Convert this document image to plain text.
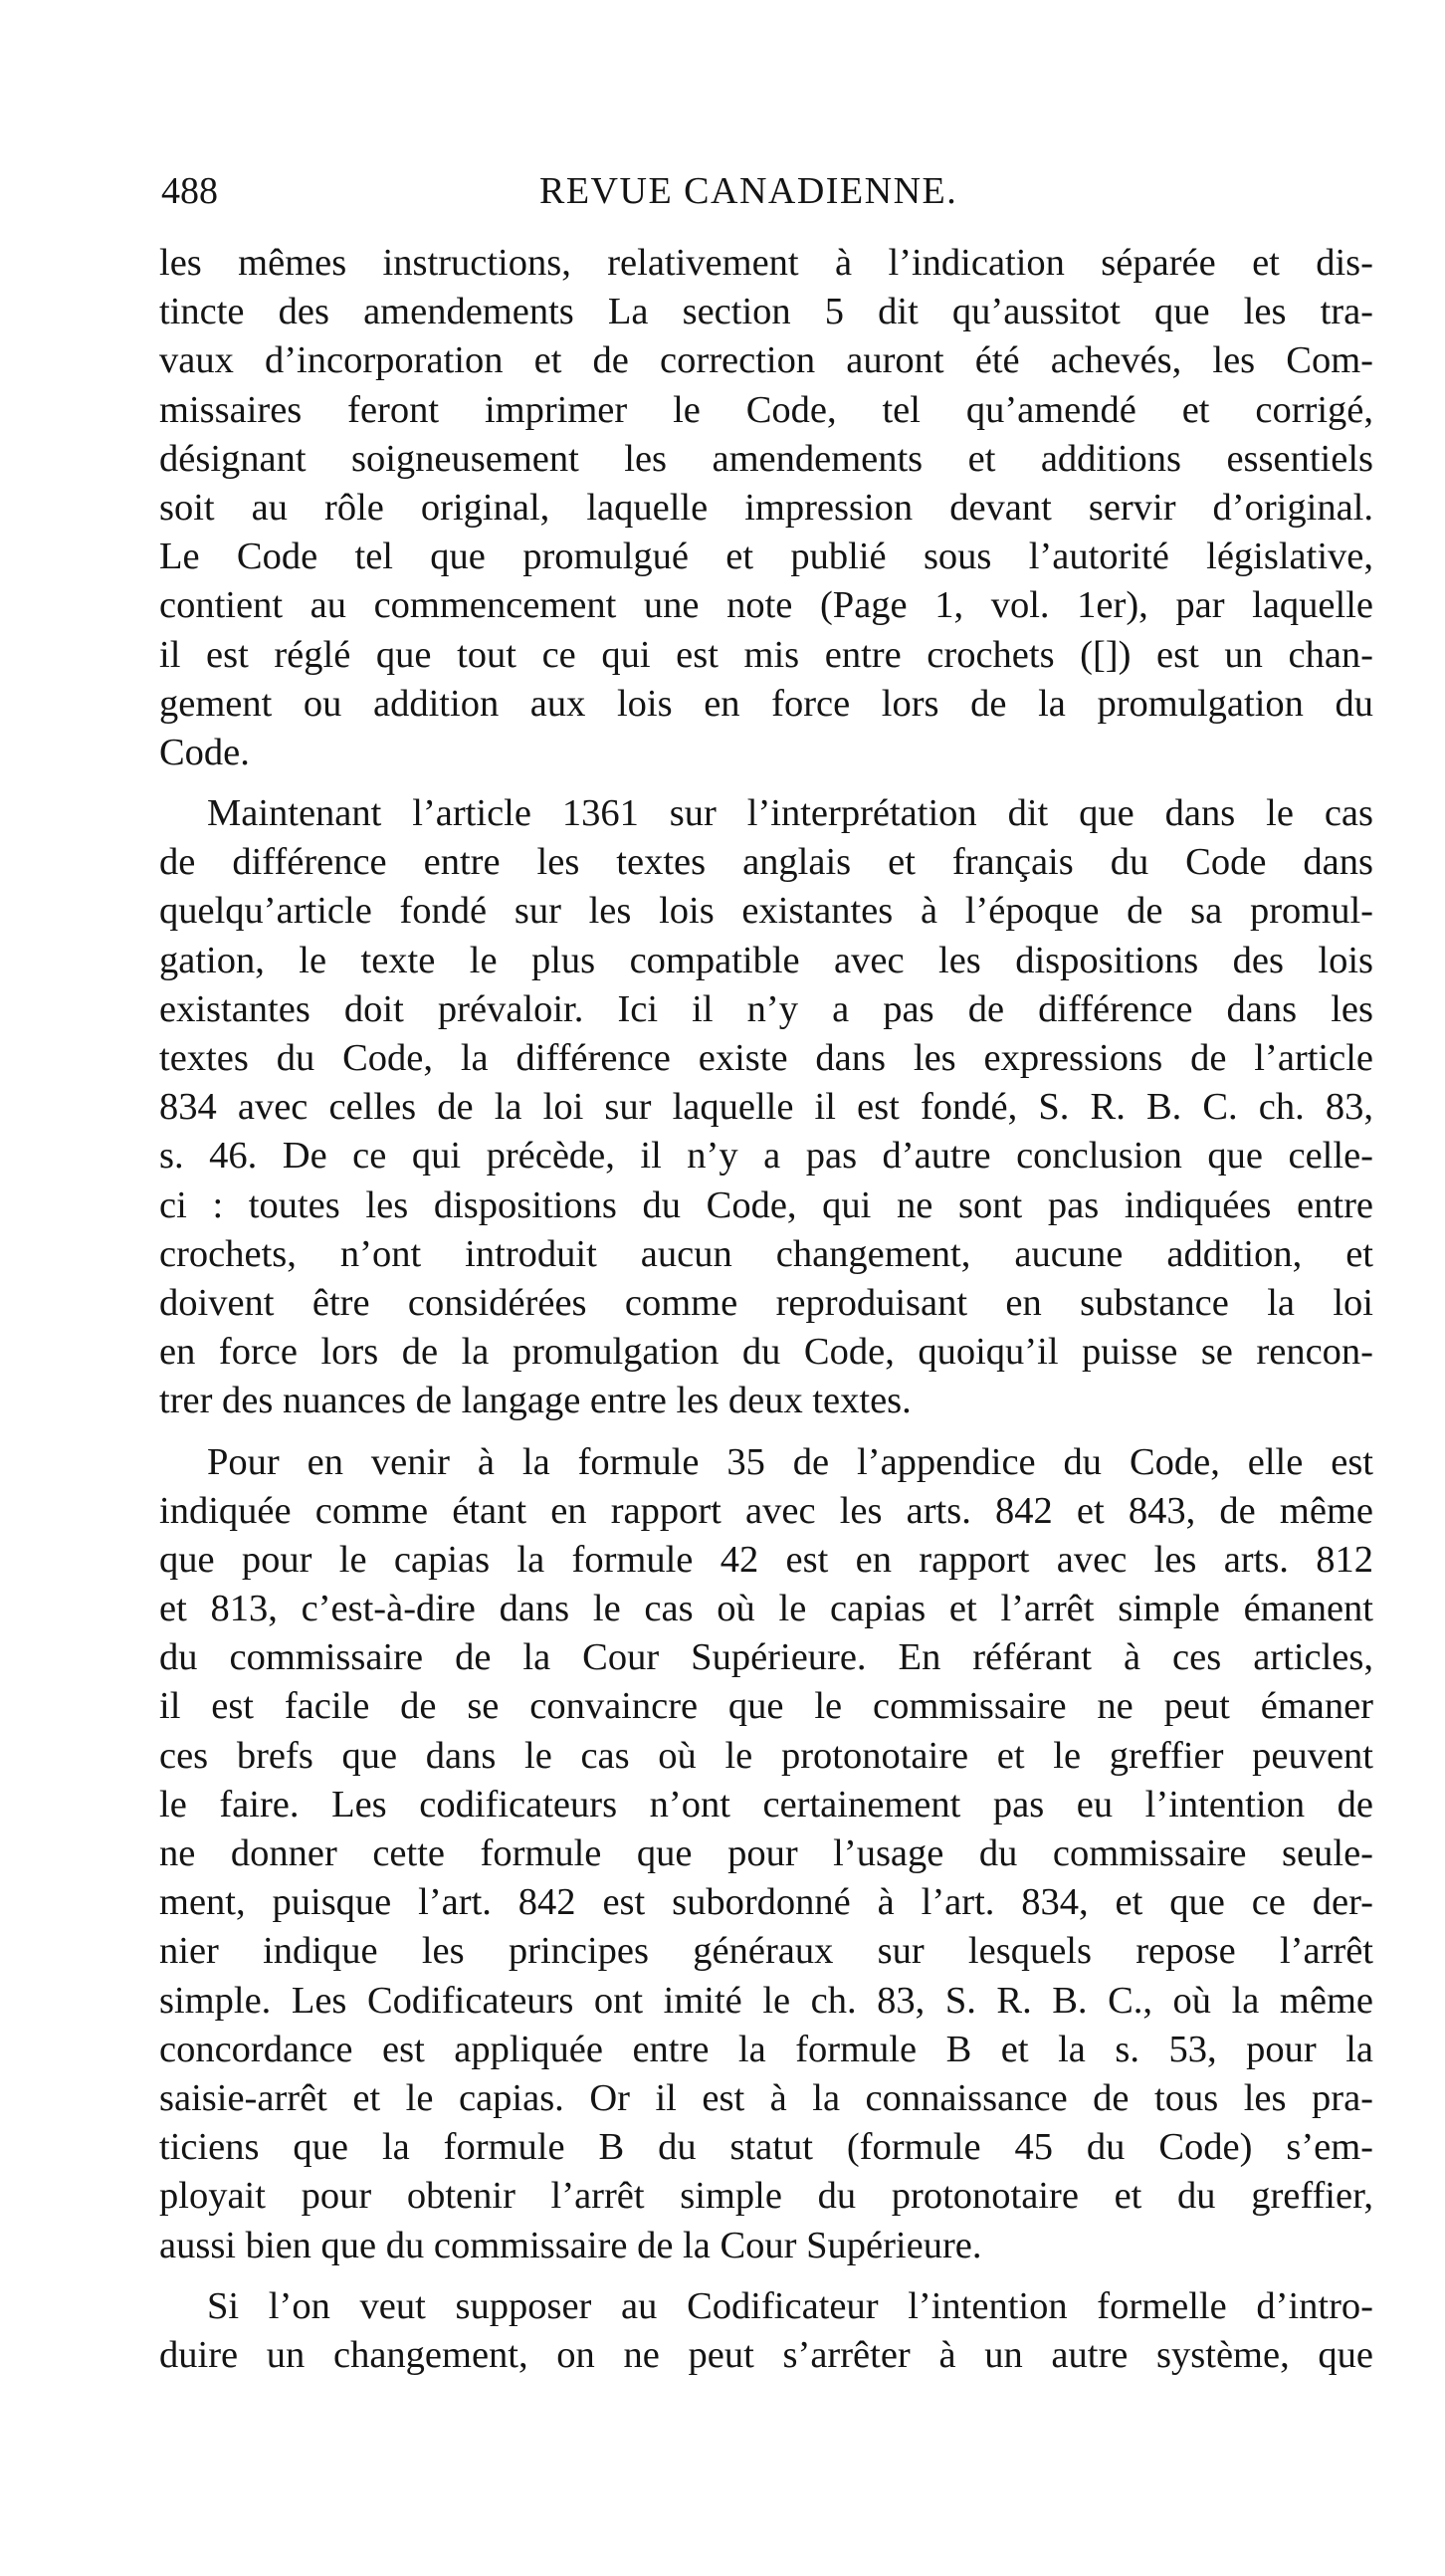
488	REVUE CANADIENNE.
les mêmes instructions, relativement à l’indication séparée et dis-
tincte des amendements La section 5 dit qu’aussitot que les tra-
vaux d’incorporation et de correction auront été achevés, les Com-
missaires feront imprimer le Code, tel qu’amendé et corrigé,
désignant soigneusement les amendements et additions essentiels
soit au rôle original, laquelle impression devant servir d’original.
Le Code tel que promulgué et publié sous l’autorité législative,
contient au commencement une note (Page 1, vol. 1er), par laquelle
il est réglé que tout ce qui est mis entre crochets ([]) est un chan-
gement ou addition aux lois en force lors de la promulgation du
Code.
Maintenant l’article 1361 sur l’interprétation dit que dans le cas
de différence entre les textes anglais et français du Code dans
quelqu’article fondé sur les lois existantes à l’époque de sa promul-
gation, le texte le plus compatible avec les dispositions des lois
existantes doit prévaloir. Ici il n’y a pas de différence dans les
textes du Code, la différence existe dans les expressions de l’article
834 avec celles de la loi sur laquelle il est fondé, S. R. B. C. ch. 83,
s. 46. De ce qui précède, il n’y a pas d’autre conclusion que celle-
ci : toutes les dispositions du Code, qui ne sont pas indiquées entre
crochets, n’ont introduit aucun changement, aucune addition, et
doivent être considérées comme reproduisant en substance la loi
en force lors de la promulgation du Code, quoiqu’il puisse se rencon-
trer des nuances de langage entre les deux textes.
Pour en venir à la formule 35 de l’appendice du Code, elle est
indiquée comme étant en rapport avec les arts. 842 et 843, de même
que pour le capias la formule 42 est en rapport avec les arts. 812
et 813, c’est-à-dire dans le cas où le capias et l’arrêt simple émanent
du commissaire de la Cour Supérieure. En référant à ces articles,
il est facile de se convaincre que le commissaire ne peut émaner
ces brefs que dans le cas où le protonotaire et le greffier peuvent
le faire. Les codificateurs n’ont certainement pas eu l’intention de
ne donner cette formule que pour l’usage du commissaire seule-
ment, puisque l’art. 842 est subordonné à l’art. 834, et que ce der-
nier indique les principes généraux sur lesquels repose l’arrêt
simple. Les Codificateurs ont imité le ch. 83, S. R. B. C., où la même
concordance est appliquée entre la formule B et la s. 53, pour la
saisie-arrêt et le capias. Or il est à la connaissance de tous les pra-
ticiens que la formule B du statut (formule 45 du Code) s’em-
ployait pour obtenir l’arrêt simple du protonotaire et du greffier,
aussi bien que du commissaire de la Cour Supérieure.
Si l’on veut supposer au Codificateur l’intention formelle d’intro-
duire un changement, on ne peut s’arrêter à un autre système, que
